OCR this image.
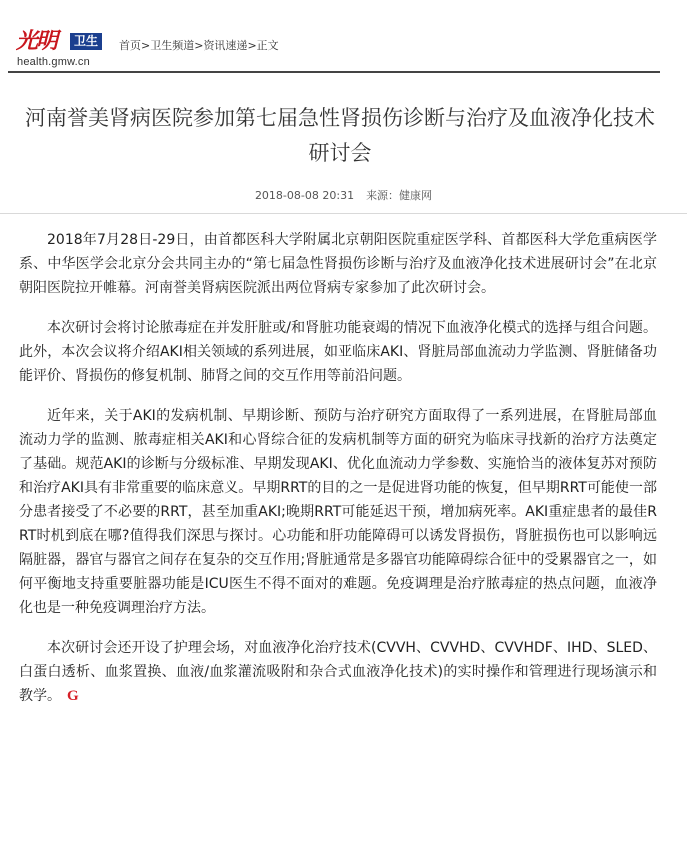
光明	卫生
health.gmw.cn
首页>卫生频道>资讯速递>正文
河南誉美肾病医院参加第七届急性肾损伤诊断与治疗及血液净化技术研讨会
2018-08-08 20:31 来源：健康网

2018年7月28日-29日，由首都医科大学附属北京朝阳医院重症医学科、首都医科大学危重病医学系、中华医学会北京分会共同主办的“第七届急性肾损伤诊断与治疗及血液净化技术进展研讨会”在北京朝阳医院拉开帷幕。河南誉美肾病医院派出两位肾病专家参加了此次研讨会。

本次研讨会将讨论脓毒症在并发肝脏或/和肾脏功能衰竭的情况下血液净化模式的选择与组合问题。此外，本次会议将介绍AKI相关领域的系列进展，如亚临床AKI、肾脏局部血流动力学监测、肾脏储备功能评价、肾损伤的修复机制、肺肾之间的交互作用等前沿问题。

近年来，关于AKI的发病机制、早期诊断、预防与治疗研究方面取得了一系列进展，在肾脏局部血流动力学的监测、脓毒症相关AKI和心肾综合征的发病机制等方面的研究为临床寻找新的治疗方法奠定了基础。规范AKI的诊断与分级标准、早期发现AKI、优化血流动力学参数、实施恰当的液体复苏对预防和治疗AKI具有非常重要的临床意义。早期RRT的目的之一是促进肾功能的恢复，但早期RRT可能使一部分患者接受了不必要的RRT，甚至加重AKI;晚期RRT可能延迟干预，增加病死率。AKI重症患者的最佳RRT时机到底在哪?值得我们深思与探讨。心功能和肝功能障碍可以诱发肾损伤，肾脏损伤也可以影响远隔脏器，器官与器官之间存在复杂的交互作用;肾脏通常是多器官功能障碍综合征中的受累器官之一，如何平衡地支持重要脏器功能是ICU医生不得不面对的难题。免疫调理是治疗脓毒症的热点问题，血液净化也是一种免疫调理治疗方法。

本次研讨会还开设了护理会场，对血液净化治疗技术(CVVH、CVVHD、CVVHDF、IHD、SLED、白蛋白透析、血浆置换、血液/血浆灌流吸附和杂合式血液净化技术)的实时操作和管理进行现场演示和教学。 G
